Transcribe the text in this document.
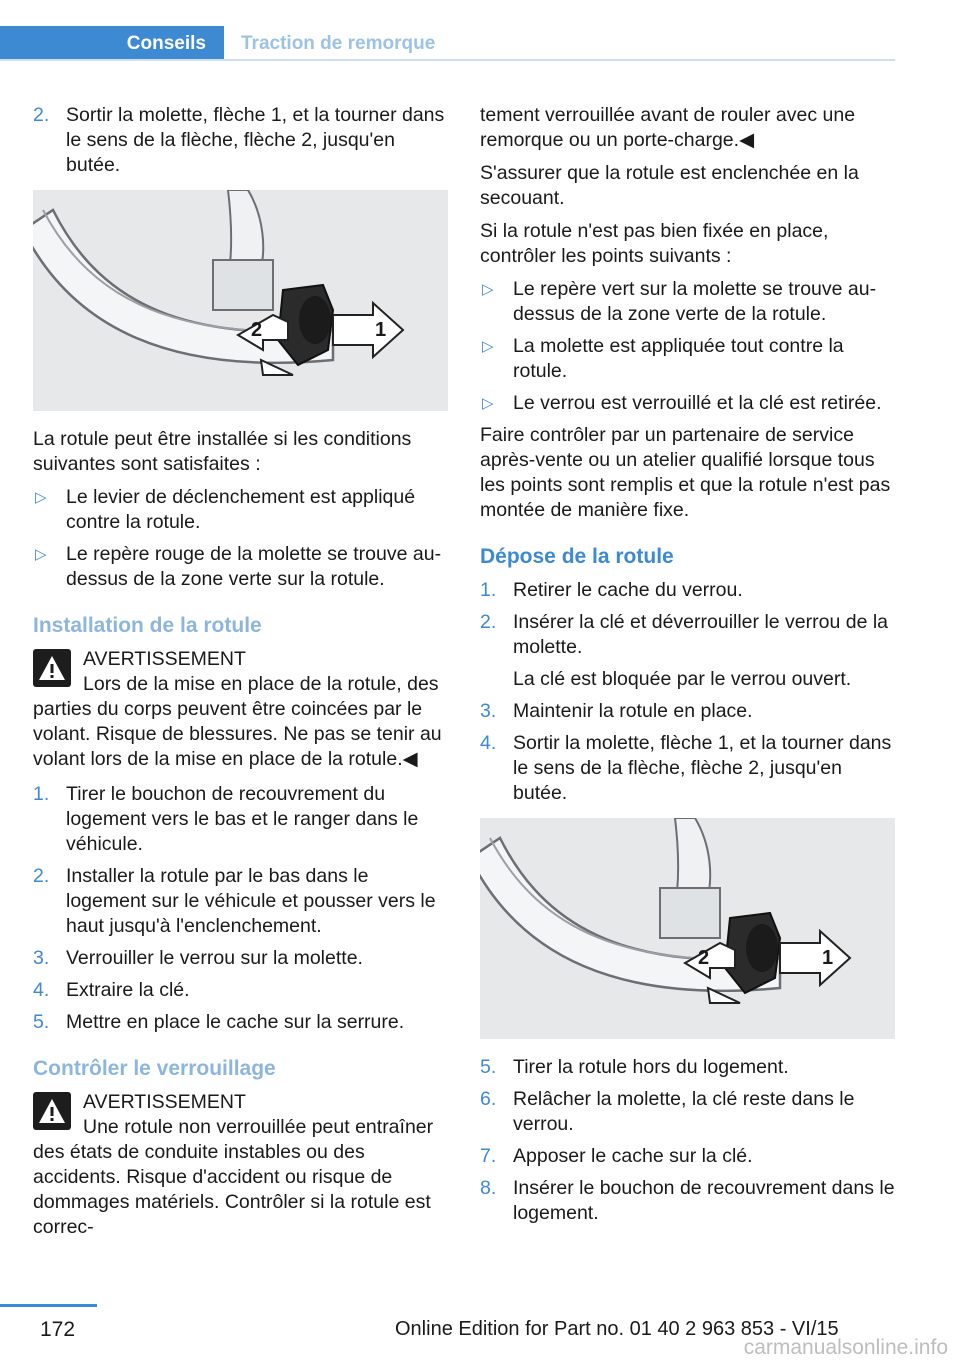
Conseils Traction de remorque
2. Sortir la molette, flèche 1, et la tourner dans le sens de la flèche, flèche 2, jusqu'en butée.
2	1

La rotule peut être installée si les conditions suivantes sont satisfaites :

▷ Le levier de déclenchement est appliqué contre la rotule.
▷ Le repère rouge de la molette se trouve au-dessus de la zone verte sur la rotule.
Installation de la rotule
AVERTISSEMENT
Lors de la mise en place de la rotule, des parties du corps peuvent être coincées par le volant. Risque de blessures. Ne pas se tenir au volant lors de la mise en place de la rotule.◀
1. Tirer le bouchon de recouvrement du logement vers le bas et le ranger dans le véhicule.
2. Installer la rotule par le bas dans le logement sur le véhicule et pousser vers le haut jusqu'à l'enclenchement.
3. Verrouiller le verrou sur la molette.
4. Extraire la clé.
5. Mettre en place le cache sur la serrure.
Contrôler le verrouillage
AVERTISSEMENT
Une rotule non verrouillée peut entraîner des états de conduite instables ou des accidents. Risque d'accident ou risque de dommages matériels. Contrôler si la rotule est correc-

tement verrouillée avant de rouler avec une remorque ou un porte-charge.◀

S'assurer que la rotule est enclenchée en la secouant.

Si la rotule n'est pas bien fixée en place, contrôler les points suivants :

▷ Le repère vert sur la molette se trouve au-dessus de la zone verte de la rotule.
▷ La molette est appliquée tout contre la rotule.
▷ Le verrou est verrouillé et la clé est retirée.

Faire contrôler par un partenaire de service après-vente ou un atelier qualifié lorsque tous les points sont remplis et que la rotule n'est pas montée de manière fixe.

Dépose de la rotule
1. Retirer le cache du verrou.
2. Insérer la clé et déverrouiller le verrou de la molette.
La clé est bloquée par le verrou ouvert.
3. Maintenir la rotule en place.
4. Sortir la molette, flèche 1, et la tourner dans le sens de la flèche, flèche 2, jusqu'en butée.
2	1
5. Tirer la rotule hors du logement.
6. Relâcher la molette, la clé reste dans le verrou.
7. Apposer le cache sur la clé.
8. Insérer le bouchon de recouvrement dans le logement.
172	Online Edition for Part no. 01 40 2 963 853 - VI/15
carmanualsonline.info
